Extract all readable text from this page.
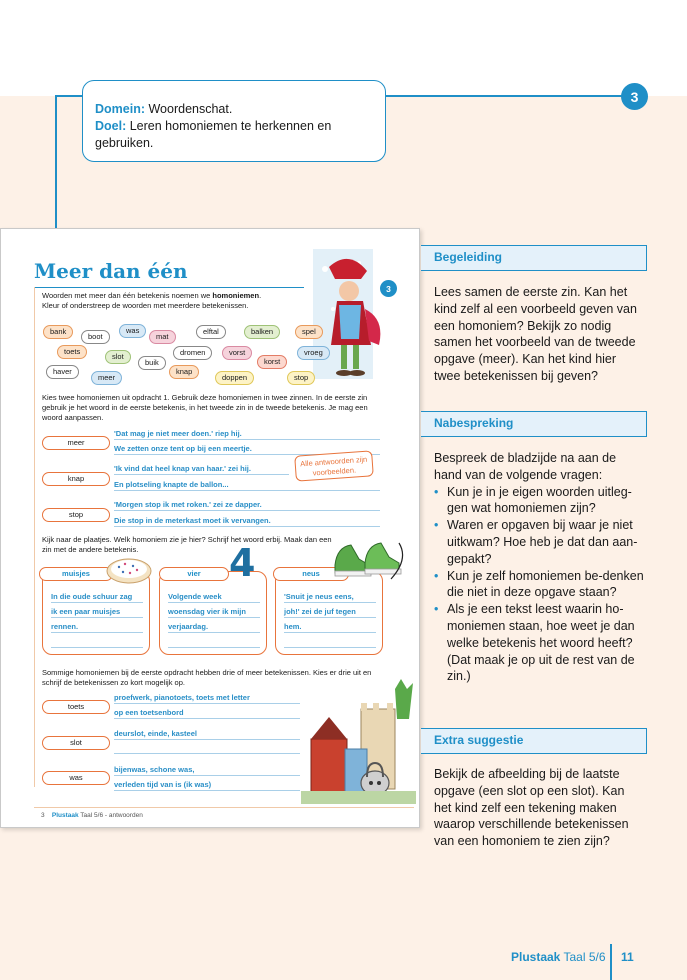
Domein: Woordenschat.
Doel: Leren homoniemen te herkennen en gebruiken.
3
Meer dan één
Woorden met meer dan één betekenis noemen we homoniemen.
Kleur of onderstreep de woorden met meerdere betekenissen.
3
bank
boot
was
mat
elftal	balken	spel
toets
slot
buik
dromen	vorst	vroeg
haver
meer
knap
korst
doppen	stop
Kies twee homoniemen uit opdracht 1. Gebruik deze homoniemen in twee zinnen. In de eerste zin gebruik je het woord in de eerste betekenis, in het tweede zin in de tweede betekenis. Je mag een woord aanpassen.
meer
'Dat mag je niet meer doen.' riep hij.
We zetten onze tent op bij een meertje.
knap
'Ik vind dat heel knap van haar.' zei hij.
En plotseling knapte de ballon...
Alle antwoorden zijn voorbeelden.
stop
'Morgen stop ik met roken.' zei ze dapper.
Die stop in de meterkast moet ik vervangen.
Kijk naar de plaatjes. Welk homoniem zie je hier? Schrijf het woord erbij. Maak dan een zin met de andere betekenis.
In die oude schuur zag
ik een paar muisjes
rennen.
muisjes
Volgende week
woensdag vier ik mijn
verjaardag.
vier
'Snuit je neus eens,
joh!' zei de juf tegen
hem.
neus
4
Sommige homoniemen bij de eerste opdracht hebben drie of meer betekenissen. Kies er drie uit en schrijf de betekenissen zo kort mogelijk op.
toets
proefwerk, pianotoets, toets met letter
op een toetsenbord
slot
deurslot, einde, kasteel
was
bijenwas, schone was,
verleden tijd van is (ik was)
3 Plustaak Taal 5/6 - antwoorden
Begeleiding
Lees samen de eerste zin. Kan het kind zelf al een voorbeeld geven van een homoniem? Bekijk zo nodig samen het voorbeeld van de tweede opgave (meer). Kan het kind hier twee betekenissen bij geven?
Nabespreking
Bespreek de bladzijde na aan de hand van de volgende vragen:
• Kun je in je eigen woorden uitleg-gen wat homoniemen zijn?
• Waren er opgaven bij waar je niet uitkwam? Hoe heb je dat dan aan-gepakt?
• Kun je zelf homoniemen be-denken die niet in deze opgave staan?
• Als je een tekst leest waarin ho-moniemen staan, hoe weet je dan welke betekenis het woord heeft? (Dat maak je op uit de rest van de zin.)
Extra suggestie
Bekijk de afbeelding bij de laatste opgave (een slot op een slot). Kan het kind zelf een tekening maken waarop verschillende betekenissen van een homoniem te zien zijn?
Plustaak Taal 5/6 11
